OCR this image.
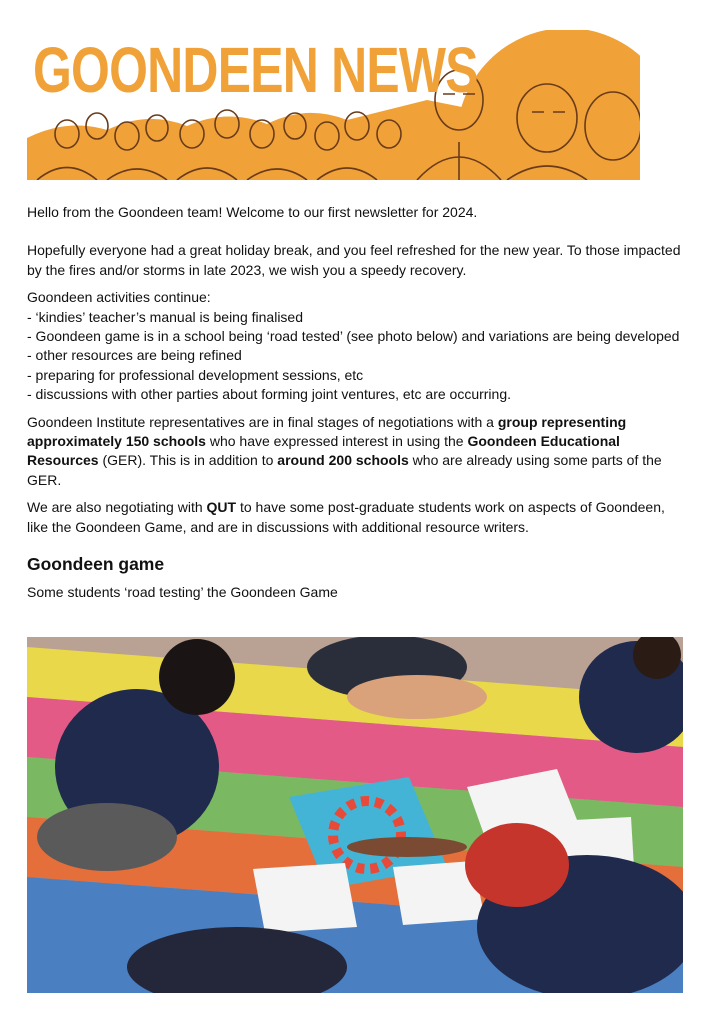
GOONDEEN NEWS

Hello from the Goondeen team! Welcome to our first newsletter for 2024.

Hopefully everyone had a great holiday break, and you feel refreshed for the new year. To those impacted by the fires and/or storms in late 2023, we wish you a speedy recovery.

Goondeen activities continue:
- ‘kindies’ teacher’s manual is being finalised
- Goondeen game is in a school being ‘road tested’ (see photo below) and variations are being developed
- other resources are being refined
- preparing for professional development sessions, etc
- discussions with other parties about forming joint ventures, etc are occurring.

Goondeen Institute representatives are in final stages of negotiations with a group representing approximately 150 schools who have expressed interest in using the Goondeen Educational Resources (GER). This is in addition to around 200 schools who are already using some parts of the GER.

We are also negotiating with QUT to have some post-graduate students work on aspects of Goondeen, like the Goondeen Game, and are in discussions with additional resource writers.

Goondeen game

Some students ‘road testing’ the Goondeen Game
